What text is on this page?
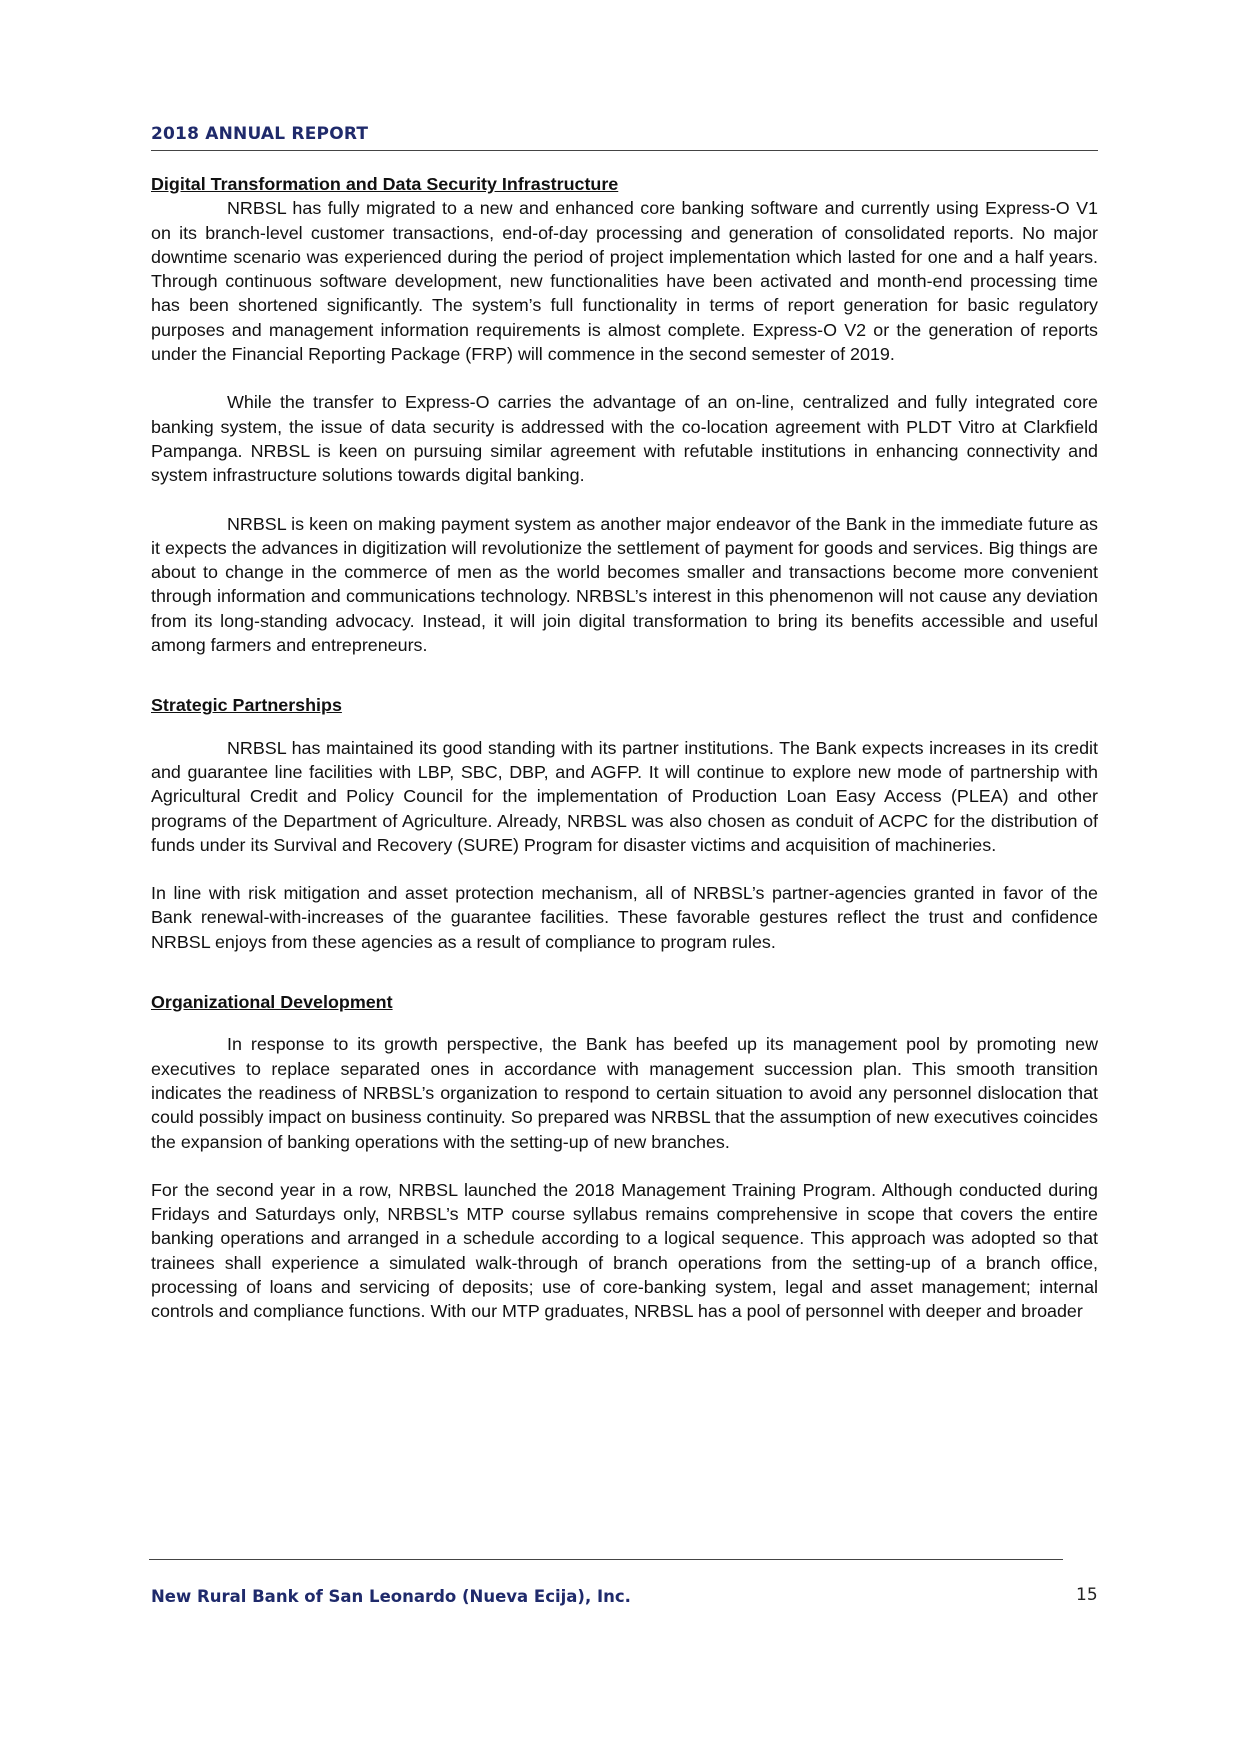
2018 ANNUAL REPORT

Digital Transformation and Data Security Infrastructure

NRBSL has fully migrated to a new and enhanced core banking software and currently using Express-O V1 on its branch-level customer transactions, end-of-day processing and generation of consolidated reports. No major downtime scenario was experienced during the period of project implementation which lasted for one and a half years. Through continuous software development, new functionalities have been activated and month-end processing time has been shortened significantly. The system’s full functionality in terms of report generation for basic regulatory purposes and management information requirements is almost complete. Express-O V2 or the generation of reports under the Financial Reporting Package (FRP) will commence in the second semester of 2019.

While the transfer to Express-O carries the advantage of an on-line, centralized and fully integrated core banking system, the issue of data security is addressed with the co-location agreement with PLDT Vitro at Clarkfield Pampanga. NRBSL is keen on pursuing similar agreement with refutable institutions in enhancing connectivity and system infrastructure solutions towards digital banking.

NRBSL is keen on making payment system as another major endeavor of the Bank in the immediate future as it expects the advances in digitization will revolutionize the settlement of payment for goods and services. Big things are about to change in the commerce of men as the world becomes smaller and transactions become more convenient through information and communications technology. NRBSL’s interest in this phenomenon will not cause any deviation from its long-standing advocacy. Instead, it will join digital transformation to bring its benefits accessible and useful among farmers and entrepreneurs.

Strategic Partnerships

NRBSL has maintained its good standing with its partner institutions. The Bank expects increases in its credit and guarantee line facilities with LBP, SBC, DBP, and AGFP. It will continue to explore new mode of partnership with Agricultural Credit and Policy Council for the implementation of Production Loan Easy Access (PLEA) and other programs of the Department of Agriculture. Already, NRBSL was also chosen as conduit of ACPC for the distribution of funds under its Survival and Recovery (SURE) Program for disaster victims and acquisition of machineries.

In line with risk mitigation and asset protection mechanism, all of NRBSL’s partner-agencies granted in favor of the Bank renewal-with-increases of the guarantee facilities. These favorable gestures reflect the trust and confidence NRBSL enjoys from these agencies as a result of compliance to program rules.

Organizational Development

In response to its growth perspective, the Bank has beefed up its management pool by promoting new executives to replace separated ones in accordance with management succession plan. This smooth transition indicates the readiness of NRBSL’s organization to respond to certain situation to avoid any personnel dislocation that could possibly impact on business continuity. So prepared was NRBSL that the assumption of new executives coincides the expansion of banking operations with the setting-up of new branches.

For the second year in a row, NRBSL launched the 2018 Management Training Program. Although conducted during Fridays and Saturdays only, NRBSL’s MTP course syllabus remains comprehensive in scope that covers the entire banking operations and arranged in a schedule according to a logical sequence. This approach was adopted so that trainees shall experience a simulated walk-through of branch operations from the setting-up of a branch office, processing of loans and servicing of deposits; use of core-banking system, legal and asset management; internal controls and compliance functions. With our MTP graduates, NRBSL has a pool of personnel with deeper and broader

New Rural Bank of San Leonardo (Nueva Ecija), Inc.	15
